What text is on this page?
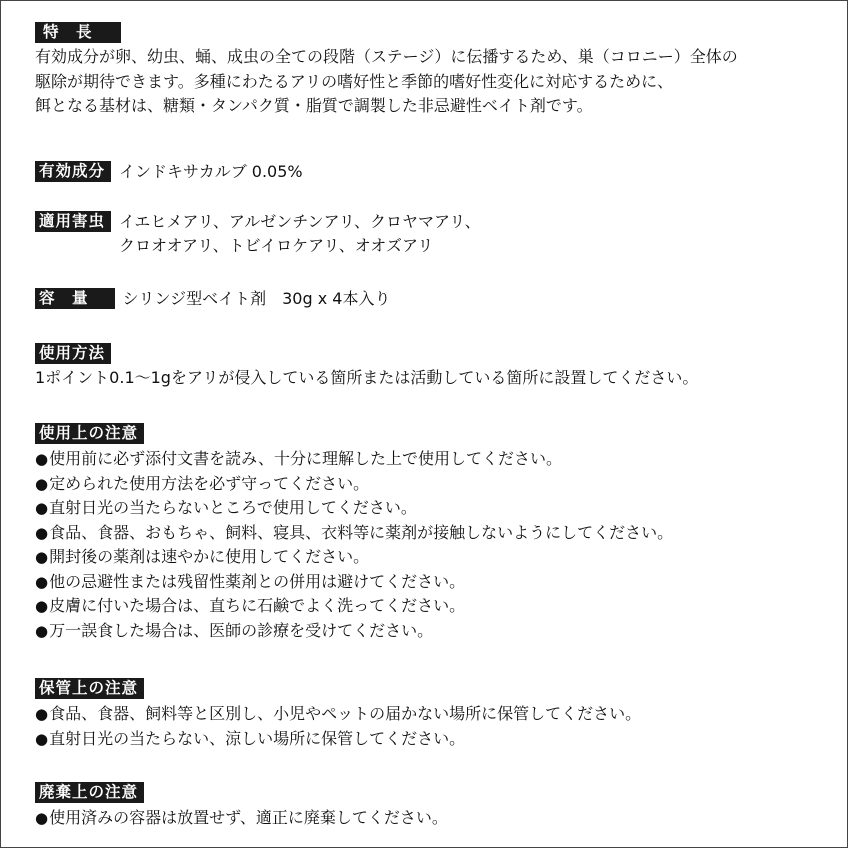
特　長
有効成分が卵、幼虫、蛹、成虫の全ての段階（ステージ）に伝播するため、巣（コロニー）全体の
駆除が期待できます。多種にわたるアリの嗜好性と季節的嗜好性変化に対応するために、
餌となる基材は、糖類・タンパク質・脂質で調製した非忌避性ベイト剤です。
有効成分 インドキサカルブ 0.05%
適用害虫 イエヒメアリ、アルゼンチンアリ、クロヤマアリ、
クロオオアリ、トビイロケアリ、オオズアリ
容　量	シリンジ型ベイト剤　30g x 4本入り
使用方法
1ポイント0.1～1gをアリが侵入している箇所または活動している箇所に設置してください。
使用上の注意
●使用前に必ず添付文書を読み、十分に理解した上で使用してください。
●定められた使用方法を必ず守ってください。
●直射日光の当たらないところで使用してください。
●食品、食器、おもちゃ、飼料、寝具、衣料等に薬剤が接触しないようにしてください。
●開封後の薬剤は速やかに使用してください。
●他の忌避性または残留性薬剤との併用は避けてください。
●皮膚に付いた場合は、直ちに石鹸でよく洗ってください。
●万一誤食した場合は、医師の診療を受けてください。
保管上の注意
●食品、食器、飼料等と区別し、小児やペットの届かない場所に保管してください。
●直射日光の当たらない、涼しい場所に保管してください。
廃棄上の注意
●使用済みの容器は放置せず、適正に廃棄してください。
